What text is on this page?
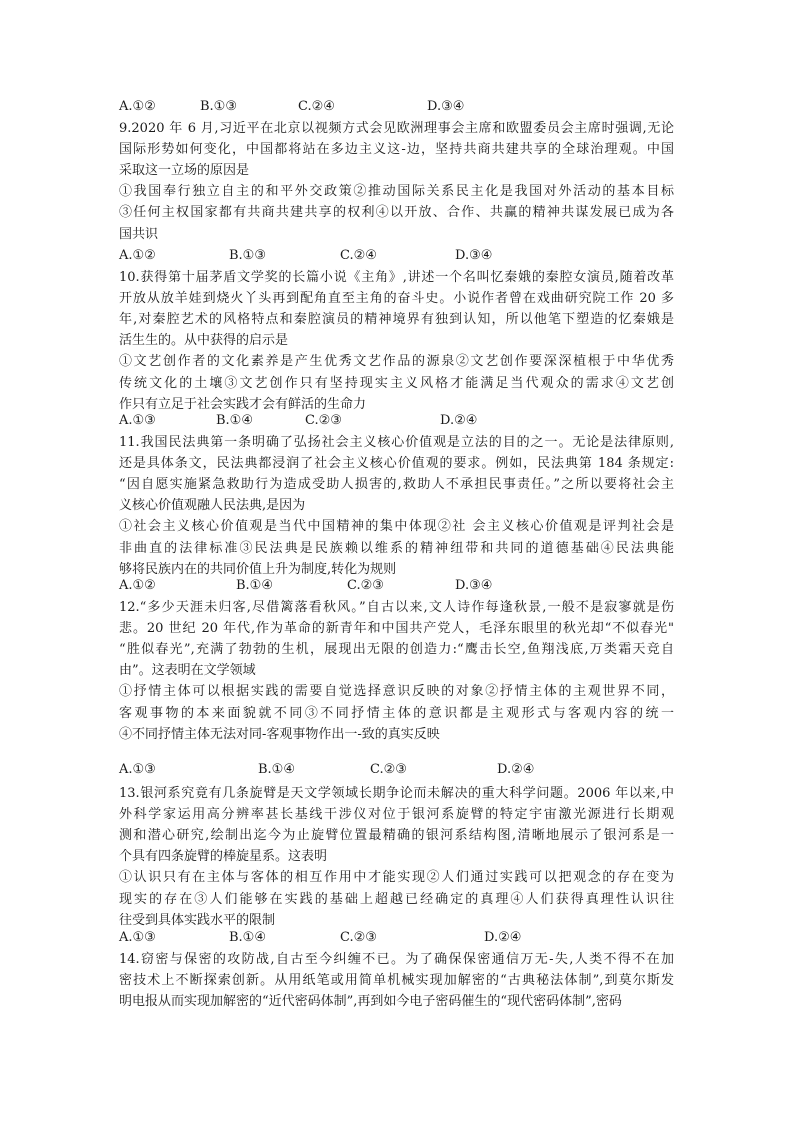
A.①②	B.①③	C.②④	D.③④
9.2020 年 6 月,习近平在北京以视频方式会见欧洲理事会主席和欧盟委员会主席时强调,无论
国际形势如何变化，中国都将站在多边主义这-边，坚持共商共建共享的全球治理观。中国
采取这一立场的原因是
①我国奉行独立自主的和平外交政策②推动国际关系民主化是我国对外活动的基本目标
③任何主权国家都有共商共建共享的权利④以开放、合作、共赢的精神共谋发展已成为各
国共识
A.①②	B.①③	C.②④	D.③④
10.获得第十届茅盾文学奖的长篇小说《主角》,讲述一个名叫忆秦娥的秦腔女演员,随着改革
开放从放羊娃到烧火丫头再到配角直至主角的奋斗史。小说作者曾在戏曲研究院工作 20 多
年,对秦腔艺术的风格特点和秦腔演员的精神境界有独到认知，所以他笔下塑造的忆秦娥是
活生生的。从中获得的启示是
①文艺创作者的文化素养是产生优秀文艺作品的源泉②文艺创作要深深植根于中华优秀
传统文化的土壤③文艺创作只有坚持现实主义风格才能满足当代观众的需求④文艺创
作只有立足于社会实践才会有鲜活的生命力
A.①③	B.①④	C.②③	D.②④
11.我国民法典第一条明确了弘扬社会主义核心价值观是立法的目的之一。无论是法律原则,
还是具体条文，民法典都浸润了社会主义核心价值观的要求。例如，民法典第 184 条规定:
“因自愿实施紧急救助行为造成受助人损害的,救助人不承担民事责任。”之所以要将社会主
义核心价值观融人民法典,是因为
①社会主义核心价值观是当代中国精神的集中体现②社 会主义核心价值观是评判社会是
非曲直的法律标准③民法典是民族赖以维系的精神纽带和共同的道德基础④民法典能
够将民族内在的共同价值上升为制度,转化为规则
A.①②	B.①④	C.②③	D.③④
12.“多少天涯未归客,尽借篱落看秋风。”自古以来,文人诗作每逢秋景,一般不是寂寥就是伤
悲。20 世纪 20 年代,作为革命的新青年和中国共产党人，毛泽东眼里的秋光却“不似春光"
“胜似春光”,充满了勃勃的生机，展现出无限的创造力:“鹰击长空,鱼翔浅底,万类霜天竞自
由”。这表明在文学领域
①抒情主体可以根据实践的需要自觉选择意识反映的对象②抒情主体的主观世界不同，
客观事物的本来面貌就不同③不同抒情主体的意识都是主观形式与客观内容的统一
④不同抒情主体无法对同-客观事物作出一-致的真实反映
A.①③	B.①④	C.②③	D.②④
13.银河系究竟有几条旋臂是天文学领域长期争论而未解决的重大科学问题。2006 年以来,中
外科学家运用高分辨率甚长基线干涉仪对位于银河系旋臂的特定宇宙激光源进行长期观
测和潜心研究,绘制出迄今为止旋臂位置最精确的银河系结构图,清晰地展示了银河系是一
个具有四条旋臂的棒旋星系。这表明
①认识只有在主体与客体的相互作用中才能实现②人们通过实践可以把观念的存在变为
现实的存在③人们能够在实践的基础上超越已经确定的真理④人们获得真理性认识往
往受到具体实践水平的限制
A.①③	B.①④	C.②③	D.②④
14.窃密与保密的攻防战,自古至今纠缠不已。为了确保保密通信万无-失,人类不得不在加
密技术上不断探索创新。从用纸笔或用简单机械实现加解密的“古典秘法体制”,到莫尔斯发
明电报从而实现加解密的“近代密码体制”,再到如今电子密码催生的“现代密码体制”,密码
